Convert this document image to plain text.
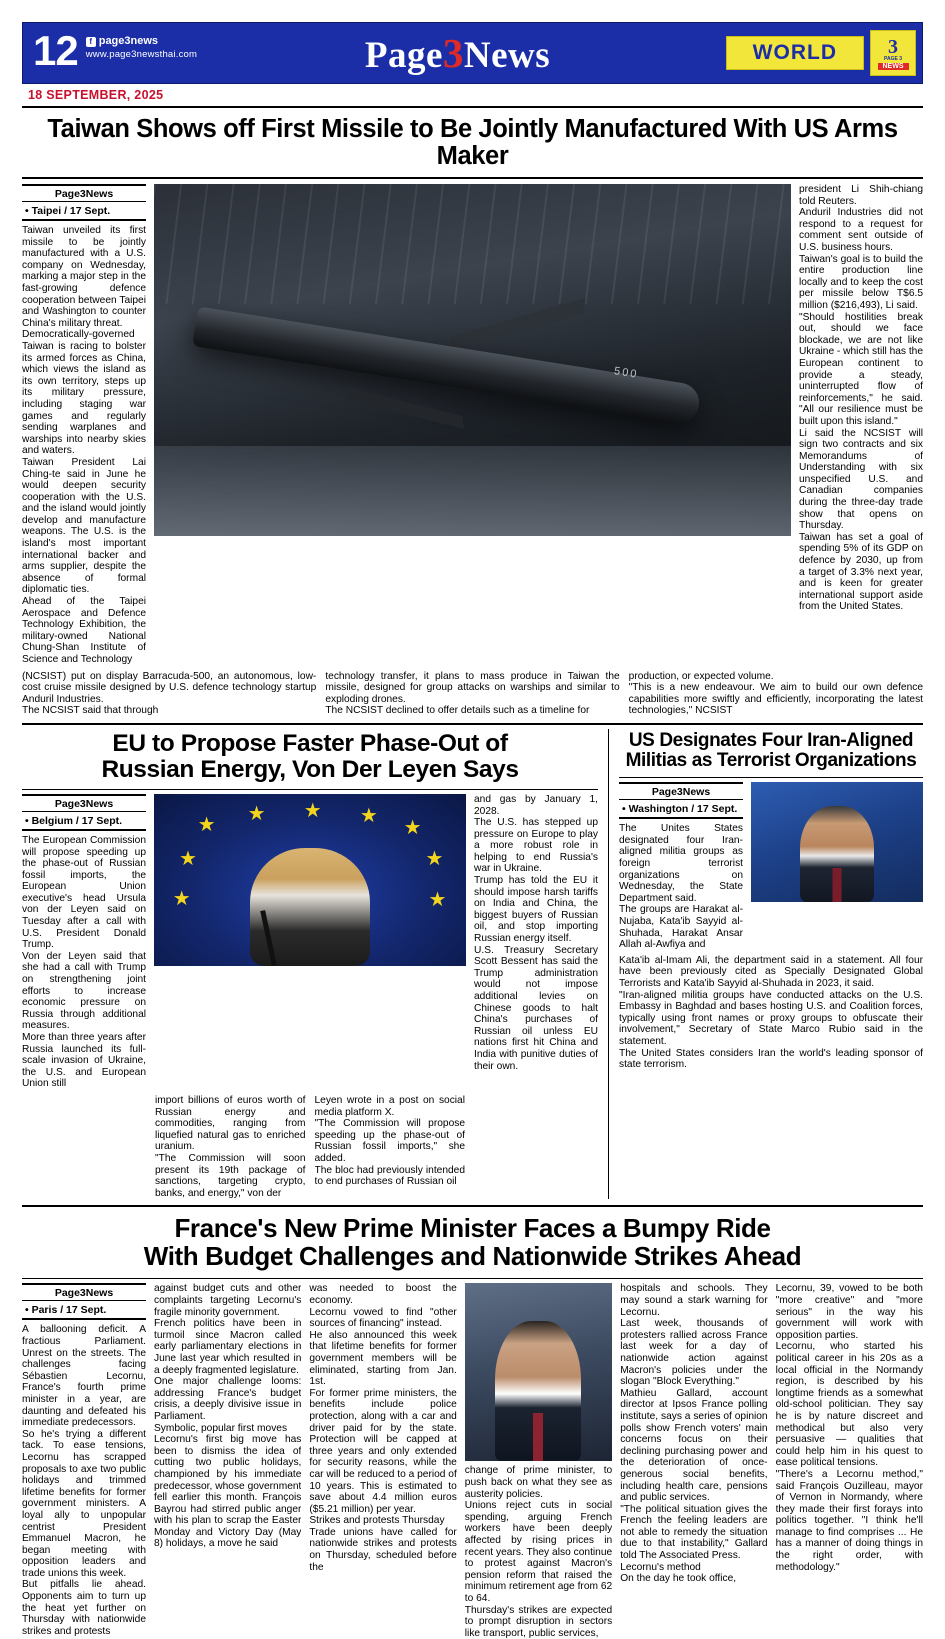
12	f page3news
www.page3newsthai.com	Page3News	WORLD	3
PAGE 3
NEWS
18 SEPTEMBER, 2025
Taiwan Shows off First Missile to Be Jointly Manufactured With US Arms Maker
Page3News
• Taipei / 17 Sept.

Taiwan unveiled its first missile to be jointly manufactured with a U.S. company on Wednesday, marking a major step in the fast-growing defence cooperation between Taipei and Washington to counter China's military threat.
Democratically-governed Taiwan is racing to bolster its armed forces as China, which views the island as its own territory, steps up its military pressure, including staging war games and regularly sending warplanes and warships into nearby skies and waters.
Taiwan President Lai Ching-te said in June he would deepen security cooperation with the U.S. and the island would jointly develop and manufacture weapons. The U.S. is the island's most important international backer and arms supplier, despite the absence of formal diplomatic ties.
Ahead of the Taipei Aerospace and Defence Technology Exhibition, the military-owned National Chung-Shan Institute of Science and Technology

500

president Li Shih-chiang told Reuters.
Anduril Industries did not respond to a request for comment sent outside of U.S. business hours.
Taiwan's goal is to build the entire production line locally and to keep the cost per missile below T$6.5 million ($216,493), Li said.
"Should hostilities break out, should we face blockade, we are not like Ukraine - which still has the European continent to provide a steady, uninterrupted flow of reinforcements," he said. "All our resilience must be built upon this island."
Li said the NCSIST will sign two contracts and six Memorandums of Understanding with six unspecified U.S. and Canadian companies during the three-day trade show that opens on Thursday.
Taiwan has set a goal of spending 5% of its GDP on defence by 2030, up from a target of 3.3% next year, and is keen for greater international support aside from the United States.

(NCSIST) put on display Barracuda-500, an autonomous, low-cost cruise missile designed by U.S. defence technology startup Anduril Industries.
The NCSIST said that through

technology transfer, it plans to mass produce in Taiwan the missile, designed for group attacks on warships and similar to exploding drones.
The NCSIST declined to offer details such as a timeline for

production, or expected volume.
"This is a new endeavour. We aim to build our own defence capabilities more swiftly and efficiently, incorporating the latest technologies," NCSIST

EU to Propose Faster Phase-Out of
Russian Energy, Von Der Leyen Says
Page3News
• Belgium / 17 Sept.

The European Commission will propose speeding up the phase-out of Russian fossil imports, the European Union executive's head Ursula von der Leyen said on Tuesday after a call with U.S. President Donald Trump.
Von der Leyen said that she had a call with Trump on strengthening joint efforts to increase economic pressure on Russia through additional measures.
More than three years after Russia launched its full-scale invasion of Ukraine, the U.S. and European Union still

★ ★ ★ ★
★
★
★
★	★

and gas by January 1, 2028.
The U.S. has stepped up pressure on Europe to play a more robust role in helping to end Russia's war in Ukraine.
Trump has told the EU it should impose harsh tariffs on India and China, the biggest buyers of Russian oil, and stop importing Russian energy itself.
U.S. Treasury Secretary Scott Bessent has said the Trump administration would not impose additional levies on Chinese goods to halt China's purchases of Russian oil unless EU nations first hit China and India with punitive duties of their own.

import billions of euros worth of Russian energy and commodities, ranging from liquefied natural gas to enriched uranium.
"The Commission will soon present its 19th package of sanctions, targeting crypto, banks, and energy," von der

Leyen wrote in a post on social media platform X.
"The Commission will propose speeding up the phase-out of Russian fossil imports," she added.
The bloc had previously intended to end purchases of Russian oil

US Designates Four Iran-Aligned
Militias as Terrorist Organizations
Page3News
• Washington / 17 Sept.

The Unites States designated four Iran-aligned militia groups as foreign terrorist organizations on Wednesday, the State Department said.
The groups are Harakat al-Nujaba, Kata'ib Sayyid al-Shuhada, Harakat Ansar Allah al-Awfiya and

Kata'ib al-Imam Ali, the department said in a statement. All four have been previously cited as Specially Designated Global Terrorists and Kata'ib Sayyid al-Shuhada in 2023, it said.
"Iran-aligned militia groups have conducted attacks on the U.S. Embassy in Baghdad and bases hosting U.S. and Coalition forces, typically using front names or proxy groups to obfuscate their involvement," Secretary of State Marco Rubio said in the statement.
The United States considers Iran the world's leading sponsor of state terrorism.

France's New Prime Minister Faces a Bumpy Ride
With Budget Challenges and Nationwide Strikes Ahead
Page3News
• Paris / 17 Sept.

A ballooning deficit. A fractious Parliament. Unrest on the streets. The challenges facing Sébastien Lecornu, France's fourth prime minister in a year, are daunting and defeated his immediate predecessors.
So he's trying a different tack. To ease tensions, Lecornu has scrapped proposals to axe two public holidays and trimmed lifetime benefits for former government ministers. A loyal ally to unpopular centrist President Emmanuel Macron, he began meeting with opposition leaders and trade unions this week.
But pitfalls lie ahead. Opponents aim to turn up the heat yet further on Thursday with nationwide strikes and protests

against budget cuts and other complaints targeting Lecornu's fragile minority government.
French politics have been in turmoil since Macron called early parliamentary elections in June last year which resulted in a deeply fragmented legislature.
One major challenge looms: addressing France's budget crisis, a deeply divisive issue in Parliament.
Symbolic, popular first moves
Lecornu's first big move has been to dismiss the idea of cutting two public holidays, championed by his immediate predecessor, whose government fell earlier this month. François Bayrou had stirred public anger with his plan to scrap the Easter Monday and Victory Day (May 8) holidays, a move he said

was needed to boost the economy.
Lecornu vowed to find "other sources of financing" instead.
He also announced this week that lifetime benefits for former government members will be eliminated, starting from Jan. 1st.
For former prime ministers, the benefits include police protection, along with a car and driver paid for by the state. Protection will be capped at three years and only extended for security reasons, while the car will be reduced to a period of 10 years. This is estimated to save about 4.4 million euros ($5.21 million) per year.
Strikes and protests Thursday
Trade unions have called for nationwide strikes and protests on Thursday, scheduled before the

change of prime minister, to push back on what they see as austerity policies.
Unions reject cuts in social spending, arguing French workers have been deeply affected by rising prices in recent years. They also continue to protest against Macron's pension reform that raised the minimum retirement age from 62 to 64.
Thursday's strikes are expected to prompt disruption in sectors like transport, public services,

hospitals and schools. They may sound a stark warning for Lecornu.
Last week, thousands of protesters rallied across France last week for a day of nationwide action against Macron's policies under the slogan "Block Everything."
Mathieu Gallard, account director at Ipsos France polling institute, says a series of opinion polls show French voters' main concerns focus on their declining purchasing power and the deterioration of once-generous social benefits, including health care, pensions and public services.
"The political situation gives the French the feeling leaders are not able to remedy the situation due to that instability," Gallard told The Associated Press.
Lecornu's method
On the day he took office,

Lecornu, 39, vowed to be both "more creative" and "more serious" in the way his government will work with opposition parties.
Lecornu, who started his political career in his 20s as a local official in the Normandy region, is described by his longtime friends as a somewhat old-school politician. They say he is by nature discreet and methodical but also very persuasive — qualities that could help him in his quest to ease political tensions.
"There's a Lecornu method," said François Ouzilleau, mayor of Vernon in Normandy, where they made their first forays into politics together. "I think he'll manage to find comprises ... He has a manner of doing things in the right order, with methodology."
